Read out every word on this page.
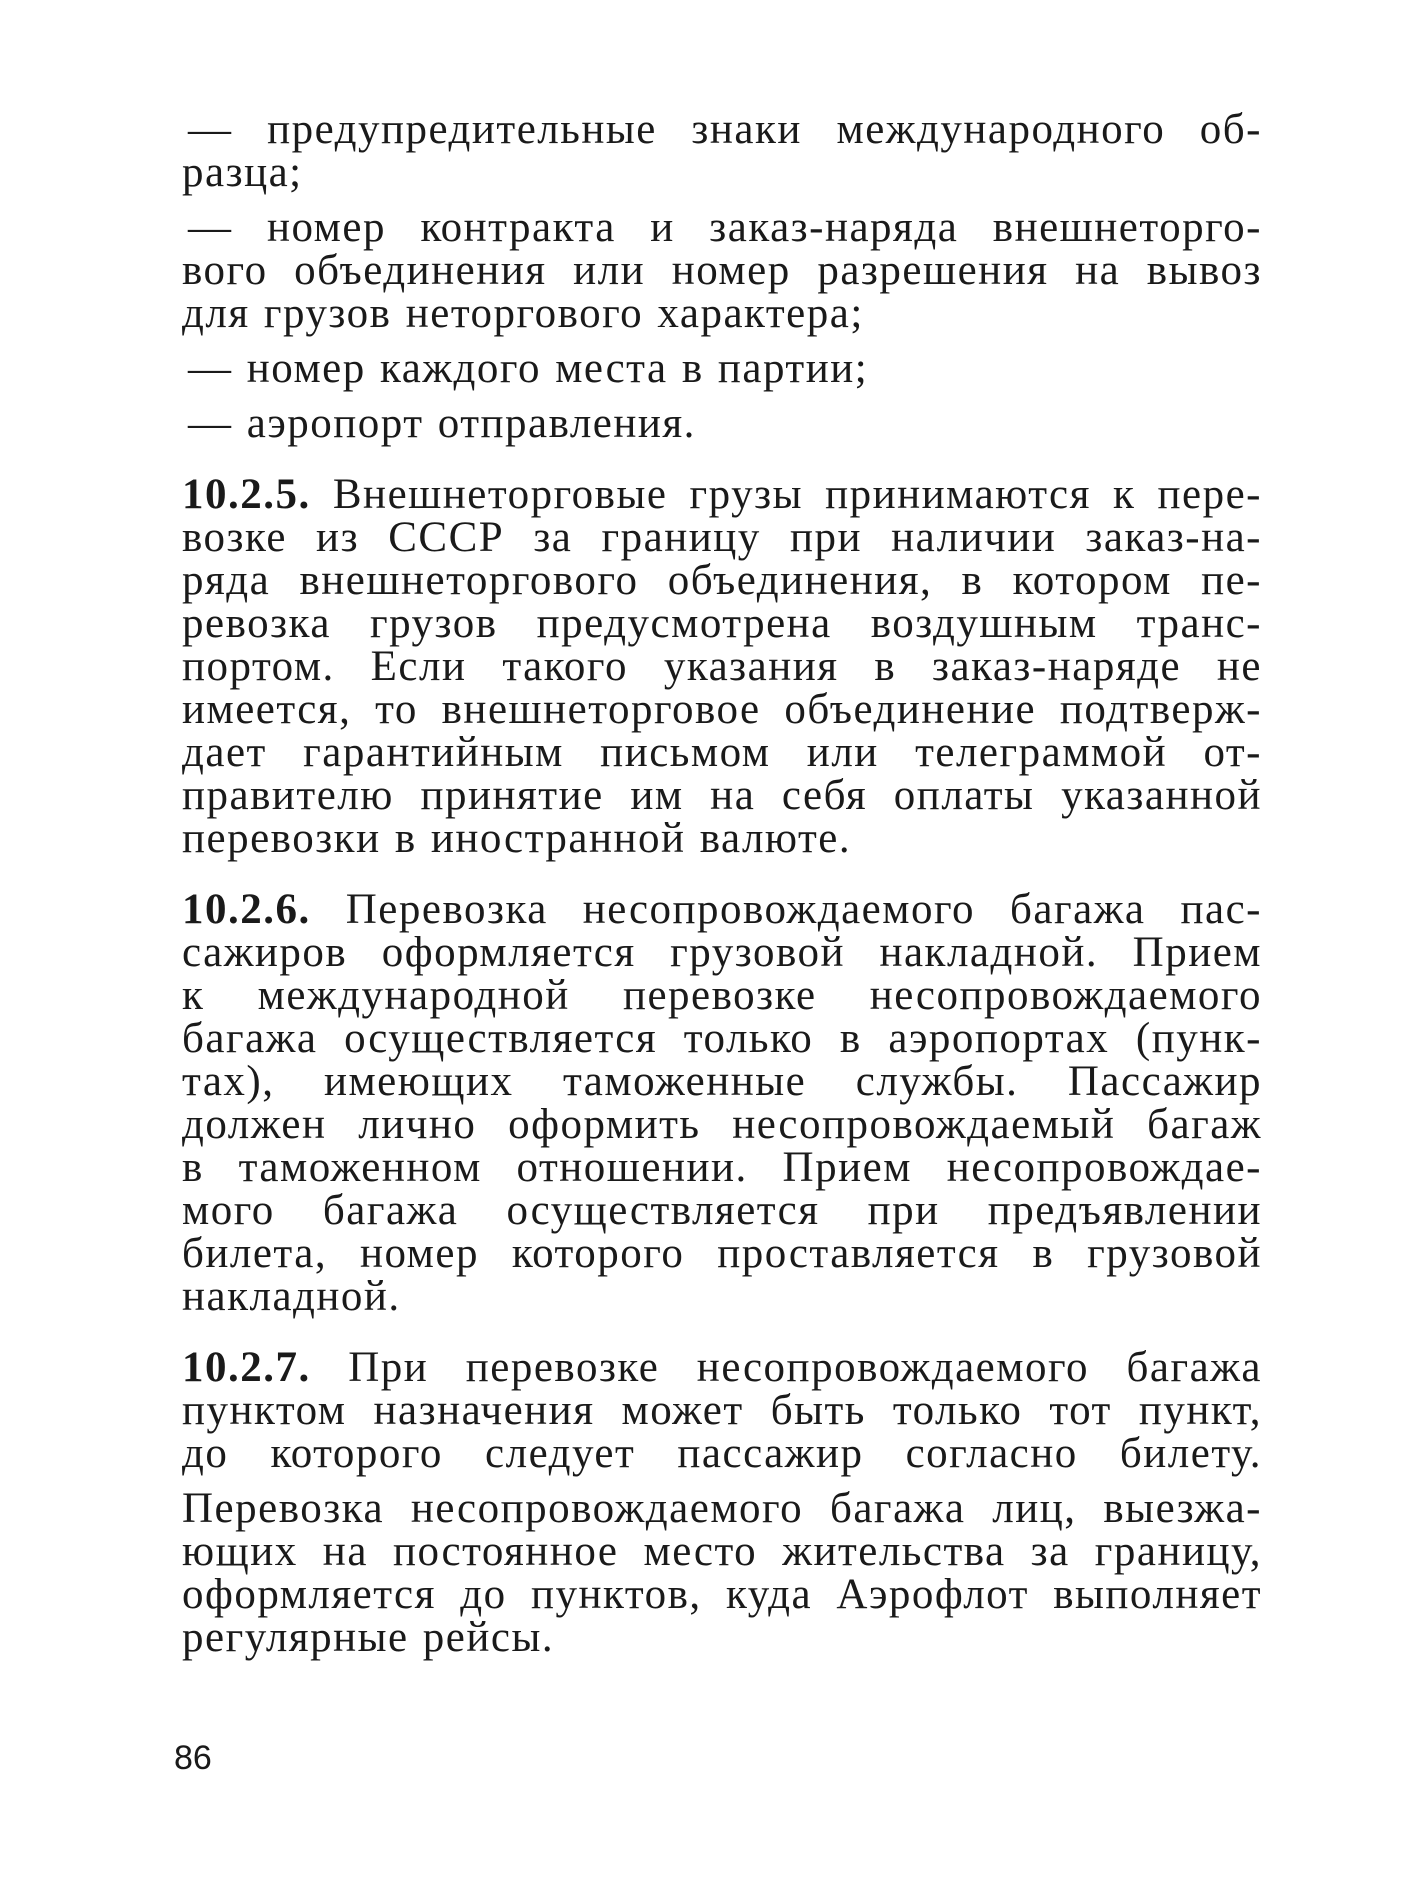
— предупредительные знаки международного об-
разца;
— номер контракта и заказ-наряда внешнеторго-
вого объединения или номер разрешения на вывоз
для грузов неторгового характера;
— номер каждого места в партии;
— аэропорт отправления.
10.2.5. Внешнеторговые грузы принимаются к пере-
возке из СССР за границу при наличии заказ-на-
ряда внешнеторгового объединения, в котором пе-
ревозка грузов предусмотрена воздушным транс-
портом. Если такого указания в заказ-наряде не
имеется, то внешнеторговое объединение подтверж-
дает гарантийным письмом или телеграммой от-
правителю принятие им на себя оплаты указанной
перевозки в иностранной валюте.
10.2.6. Перевозка несопровождаемого багажа пас-
сажиров оформляется грузовой накладной. Прием
к международной перевозке несопровождаемого
багажа осуществляется только в аэропортах (пунк-
тах), имеющих таможенные службы. Пассажир
должен лично оформить несопровождаемый багаж
в таможенном отношении. Прием несопровождае-
мого багажа осуществляется при предъявлении
билета, номер которого проставляется в грузовой
накладной.
10.2.7. При перевозке несопровождаемого багажа
пунктом назначения может быть только тот пункт,
до которого следует пассажир согласно билету.
Перевозка несопровождаемого багажа лиц, выезжа-
ющих на постоянное место жительства за границу,
оформляется до пунктов, куда Аэрофлот выполняет
регулярные рейсы.
86
